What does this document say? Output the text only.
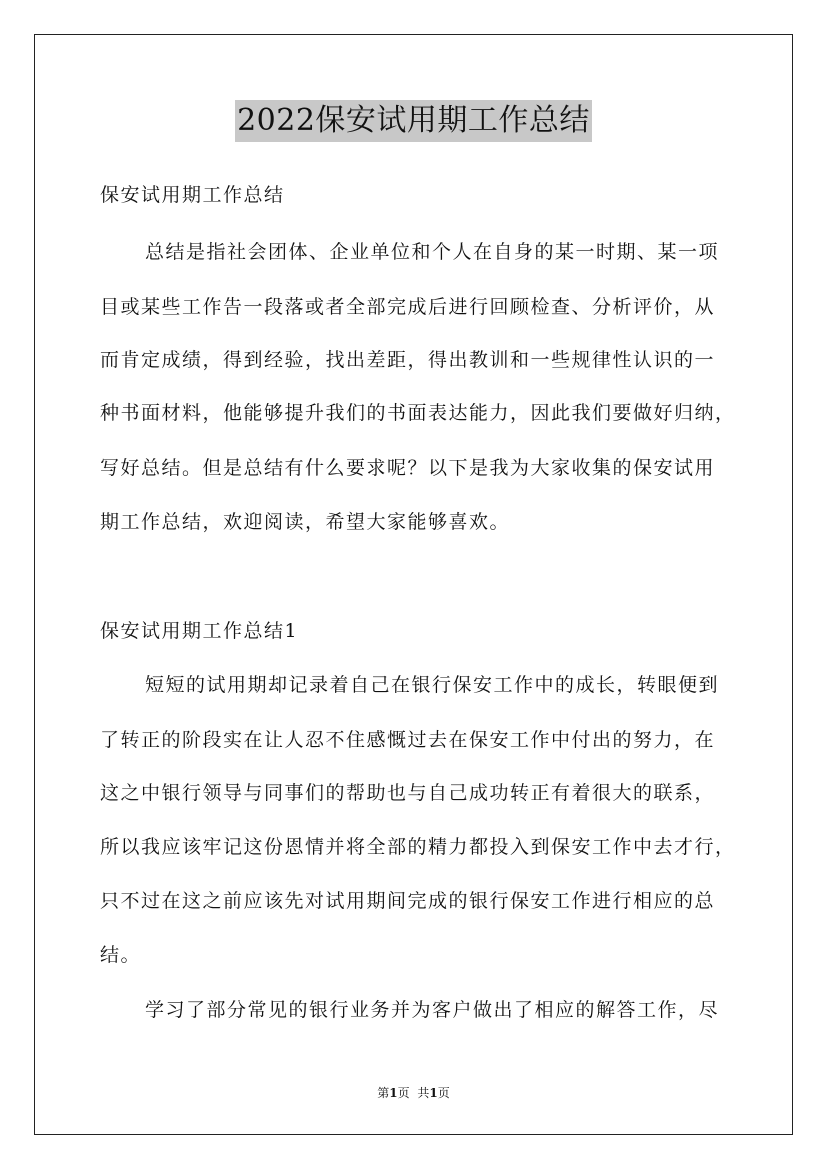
2022保安试用期工作总结
保安试用期工作总结
总结是指社会团体、企业单位和个人在自身的某一时期、某一项
目或某些工作告一段落或者全部完成后进行回顾检查、分析评价，从
而肯定成绩，得到经验，找出差距，得出教训和一些规律性认识的一
种书面材料，他能够提升我们的书面表达能力，因此我们要做好归纳，
写好总结。但是总结有什么要求呢？以下是我为大家收集的保安试用
期工作总结，欢迎阅读，希望大家能够喜欢。
保安试用期工作总结1
短短的试用期却记录着自己在银行保安工作中的成长，转眼便到
了转正的阶段实在让人忍不住感慨过去在保安工作中付出的努力，在
这之中银行领导与同事们的帮助也与自己成功转正有着很大的联系，
所以我应该牢记这份恩情并将全部的精力都投入到保安工作中去才行，
只不过在这之前应该先对试用期间完成的银行保安工作进行相应的总
结。
学习了部分常见的银行业务并为客户做出了相应的解答工作，尽
第1页 共1页
